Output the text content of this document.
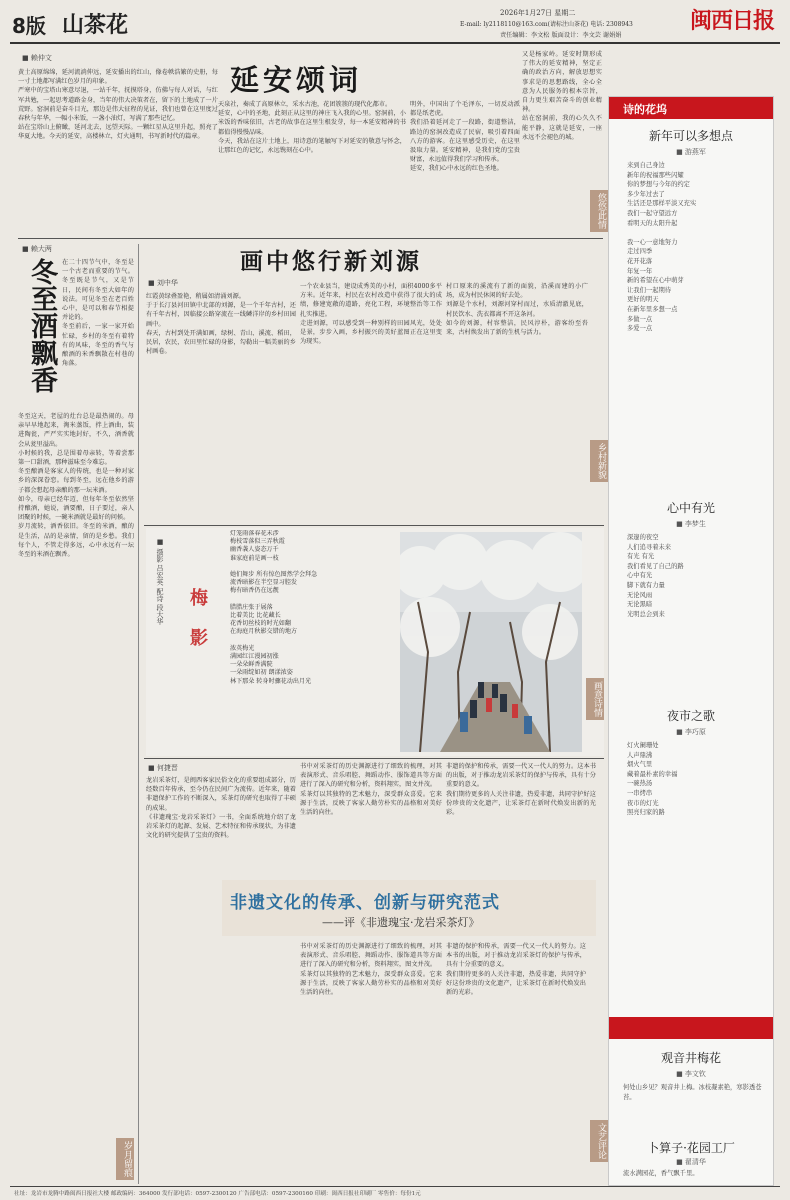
8版 山茶花	2026年1月27日 星期二
E-mail: ly2118110@163.com(请标注山茶花) 电话: 2308943
责任编辑：李文松 版面设计：李文芸 谢娟娟
闽西日报
■ 赖仲文
延安颂词
黄土高原绵绵，延河流淌伸远，延安播出的红山，像卷帙浩繁的史册，每一寸土地都写满红色岁月的印象。
严寒中的宝塔山寒意尽退，一站千年，抚摸塔身，仿佛与每人对话，与红军共勉，一起思考道路金身，当年的伟大决策者在，留下的土地成了一片荒野。窑洞前是奋斗目光，那边是伟大征程的见证，我们也曾在这里度过春秋与年华，一幅小米饭，一盏小油灯，写满了那些记忆。
站在宝塔山上俯瞰，延河北去，远望天际。一颗红星从这里升起，照亮了华夏大地。今天的延安，高楼林立，灯火通明，书写新时代的篇章。
天泉社，奏成了高原林立，采水古池，花团簇簇的现代化都市。
延安，心中的圣地，此刻正从这里的神庄飞入我的心里。窑洞前，小米饭的香味依旧，古老的故事在这里生根发芽，每一本延安精神的书都值得慢慢品味。
今天，我站在这片土地上，用诗意的笔触写下对延安的敬意与怀念，让那红色的记忆，永远镌刻在心中。
明外，中国出了个毛泽东，一切反动派都是纸老虎。
我们沿着延河走了一段路，街道整洁，路边的窑洞改造成了民宿，吸引着四面八方的游客。在这里感受历史，在这里汲取力量。延安精神，是我们党的宝贵财富，永远值得我们学习和传承。
延安，我们心中永远的红色圣地。
又是杨家岭。延安时期形成了伟大的延安精神，坚定正确的政治方向，解放思想实事求是的思想路线，全心全意为人民服务的根本宗旨，自力更生艰苦奋斗的创业精神。
站在窑洞前，我的心久久不能平静，这就是延安，一座永远不会褪色的城。
悠悠此情
■ 赖大两
冬至酒飘香 在二十四节气中，冬至是一个古老而重要的节气。冬至既是节气，又是节日，民间有冬至大如年的说法。可见冬至在老百姓心中，是可以和春节相提并论的。
冬至前后，一家一家开始忙碌，乡村的冬至有着特有的风味，冬至的香气与酿酒的米香飘散在村巷的角落。
冬至这天，老屋的灶台总是最热闹的。母亲早早地起来，淘米蒸饭，拌上酒曲，装进陶瓮，严严实实地封好，不久，酒香就会从瓮里溢出。
小时候的我，总是围着母亲转，等着尝那第一口甜酒，那种滋味至今难忘。
冬至酿酒是客家人的传统，也是一种对家乡的深深眷恋。每到冬至，远在他乡的游子都会想起母亲酿的那一坛米酒。
如今，母亲已经年迈，但每年冬至依然坚持酿酒，她说，酒要酿，日子要过，亲人团聚的时候，一碗米酒就是最好的问候。
岁月流转，酒香依旧。冬至的米酒，酿的是生活，品的是亲情，留的是乡愁。我们每个人，不管走得多远，心中永远有一坛冬至的米酒在飘香。
岁月留痕
画中悠行新刘源
■ 刘中华
红霞黄绿叠盈艳，稍属如清涌刘源。
于于长汀县河田镇中北部的刘源，是一个千年古村，还有千年古村，因临接公路穿流在一线鳞洋岸的乡村田园画中。
春天，古村到处开满如画，绿树、青山、溪流、稻田，民居，农民，农田里忙碌的身影，勾勒出一幅美丽的乡村画卷。
一个农业县当，建设成秀美的小村，面积4000多平方米。近年来，村民在农村改造中获得了很大的成绩，修建宽敞的道路，亮化工程，环境整治等工作扎实推进。
走进刘源，可以感受到一种别样的田园风光，处处是景，步步入画，乡村振兴的美好蓝图正在这里变为现实。
村口原来的溪流有了新的面貌，沿溪而建的小广场，成为村民休闲的好去处。
刘源是个水村，刘源河穿村而过，水质清澈见底，村民饮水、洗衣都离不开这条河。
如今的刘源，村容整洁，民风淳朴，游客纷至沓来，古村焕发出了新的生机与活力。
乡村新貌
■ 摄影 吕宏英 配诗 段大华 梅 影
灯笼雨落春花未涉
梅枝雪落似三弄秋霞
幽香袭人姿态万千
谁家庭前是画一枝

她们舞步 所有惊色图然学会拜急
流香暗影在半空显习腔发
梅有暗香仍在远靓

腊腊庄张于展落
比着美比 比花藏长
花香切丝枝的时光如翻
在海庭月秋影交错的地方

浓英梅光
满园红江漫园初涨
一朵朵鲜香满院
一朵雨绽如初 朗漾浓姿
林下那朵 转身时骤花动出月光	画意诗情
■ 何捷晋
龙岩采茶灯，是闽西客家民俗文化的重要组成部分，历经数百年传承，至今仍在民间广为流传。近年来，随着非遗保护工作的不断深入，采茶灯的研究也取得了丰硕的成果。
《非遗瑰宝·龙岩采茶灯》一书，全面系统地介绍了龙岩采茶灯的起源、发展、艺术特征和传承现状，为非遗文化的研究提供了宝贵的资料。
书中对采茶灯的历史渊源进行了细致的梳理，对其表演形式、音乐唱腔、舞蹈动作、服饰道具等方面进行了深入的研究和分析，资料翔实，图文并茂。
采茶灯以其独特的艺术魅力，深受群众喜爱。它来源于生活，反映了客家人勤劳朴实的品格和对美好生活的向往。
非遗的保护和传承，需要一代又一代人的努力。这本书的出版，对于推动龙岩采茶灯的保护与传承，具有十分重要的意义。
我们期待更多的人关注非遗，热爱非遗，共同守护好这份珍贵的文化遗产，让采茶灯在新时代焕发出新的光彩。
非遗文化的传承、创新与研究范式
——评《非遗瑰宝·龙岩采茶灯》
书中对采茶灯的历史渊源进行了细致的梳理，对其表演形式、音乐唱腔、舞蹈动作、服饰道具等方面进行了深入的研究和分析，资料翔实，图文并茂。
采茶灯以其独特的艺术魅力，深受群众喜爱。它来源于生活，反映了客家人勤劳朴实的品格和对美好生活的向往。
非遗的保护和传承，需要一代又一代人的努力。这本书的出版，对于推动龙岩采茶灯的保护与传承，具有十分重要的意义。
我们期待更多的人关注非遗，热爱非遗，共同守护好这份珍贵的文化遗产，让采茶灯在新时代焕发出新的光彩。
文艺评论
诗的花坞
新年可以多想点
■ 游燕军
来到自己身边
新年的祝福那些闪耀
你的梦想与今年的约定
多少年过去了
生活还是那样平淡又充实
我们一起守望远方
看明天的太阳升起

我一心一意地努力
走过四季
花开花落
年复一年
新的希望在心中萌芽
让我们一起期待
更好的明天
在新年里多想一点
多做一点
多爱一点
心中有光
■ 李梦生
深邃的夜空
人们追寻着未来
有光 有光
我们看见了自己的路
心中有光
脚下就有力量
无论风雨
无论黑暗
光明总会到来
夜市之歌
■ 李巧原
灯火阑珊处
人声鼎沸
烟火气里
藏着最朴素的幸福
一碗热汤
一串烤串
夜市的灯光
照亮归家的路
观音井梅花
■ 李文钦
何处山乡见？观音井上梅。冰枝凝素艳，寒影透苍苔。
卜算子·花园工厂
■ 翟清华
流水满园花，香气飘千里。
社址：龙岩市龙腾中路闽西日报社大楼 邮政编码：364000 发行部电话：0597-2300120 广告部电话：0597-2300160 印刷：闽西日报社印刷厂 零售价：每份1元
